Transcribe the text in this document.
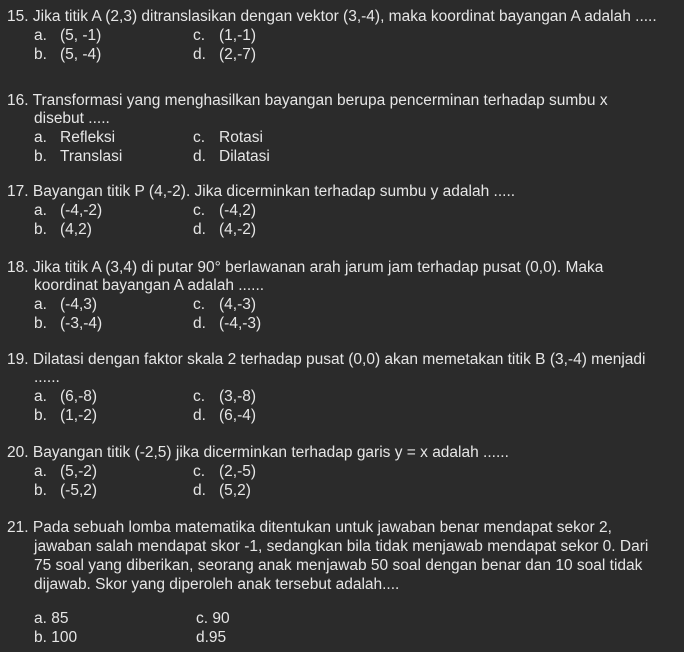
15. Jika titik A (2,3) ditranslasikan dengan vektor (3,-4), maka koordinat bayangan A adalah .....
a. (5, -1)
b. (5, -4)
c. (1,-1)
d. (2,-7)
16. Transformasi yang menghasilkan bayangan berupa pencerminan terhadap sumbu x
disebut .....
a. Refleksi
b. Translasi
c. Rotasi
d. Dilatasi
17. Bayangan titik P (4,-2). Jika dicerminkan terhadap sumbu y adalah .....
a. (-4,-2)
b. (4,2)
c. (-4,2)
d. (4,-2)
18. Jika titik A (3,4) di putar 90° berlawanan arah jarum jam terhadap pusat (0,0). Maka
koordinat bayangan A adalah ......
a. (-4,3)
b. (-3,-4)
c. (4,-3)
d. (-4,-3)
19. Dilatasi dengan faktor skala 2 terhadap pusat (0,0) akan memetakan titik B (3,-4) menjadi
......
a. (6,-8)
b. (1,-2)
c. (3,-8)
d. (6,-4)
20. Bayangan titik (-2,5) jika dicerminkan terhadap garis y = x adalah ......
a. (5,-2)
b. (-5,2)
c. (2,-5)
d. (5,2)
21. Pada sebuah lomba matematika ditentukan untuk jawaban benar mendapat sekor 2,
jawaban salah mendapat skor -1, sedangkan bila tidak menjawab mendapat sekor 0. Dari
75 soal yang diberikan, seorang anak menjawab 50 soal dengan benar dan 10 soal tidak
dijawab. Skor yang diperoleh anak tersebut adalah....
a. 85
b. 100
c. 90
d.95
